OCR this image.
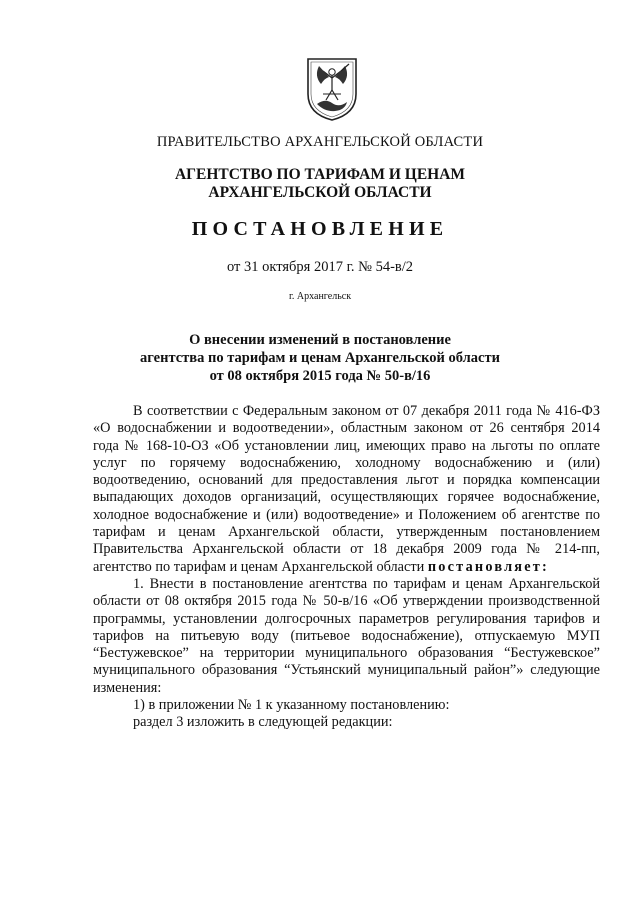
ПРАВИТЕЛЬСТВО АРХАНГЕЛЬСКОЙ ОБЛАСТИ
АГЕНТСТВО ПО ТАРИФАМ И ЦЕНАМ
АРХАНГЕЛЬСКОЙ ОБЛАСТИ
ПОСТАНОВЛЕНИЕ
от 31 октября 2017 г. № 54-в/2
г. Архангельск
О внесении изменений в постановление
агентства по тарифам и ценам Архангельской области
от 08 октября 2015 года № 50-в/16

В соответствии с Федеральным законом от 07 декабря 2011 года № 416-ФЗ «О водоснабжении и водоотведении», областным законом от 26 сентября 2014 года № 168-10-ОЗ «Об установлении лиц, имеющих право на льготы по оплате услуг по горячему водоснабжению, холодному водоснабжению и (или) водоотведению, оснований для предоставления льгот и порядка компенсации выпадающих доходов организаций, осуществляющих горячее водоснабжение, холодное водоснабжение и (или) водоотведение» и Положением об агентстве по тарифам и ценам Архангельской области, утвержденным постановлением Правительства Архангельской области от 18 декабря 2009 года № 214-пп, агентство по тарифам и ценам Архангельской области постановляет:

1. Внести в постановление агентства по тарифам и ценам Архангельской области от 08 октября 2015 года № 50-в/16 «Об утверждении производственной программы, установлении долгосрочных параметров регулирования тарифов и тарифов на питьевую воду (питьевое водоснабжение), отпускаемую МУП “Бестужевское” на территории муниципального образования “Бестужевское” муниципального образования “Устьянский муниципальный район”» следующие изменения:

1) в приложении № 1 к указанному постановлению:

раздел 3 изложить в следующей редакции:
